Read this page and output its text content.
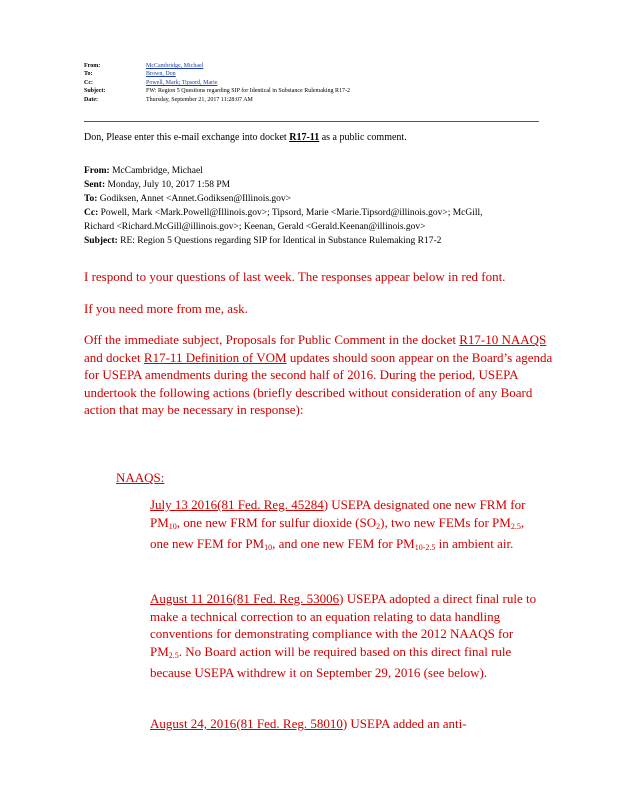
From:	McCambridge, Michael
To:	Brown, Don
Cc:	Powell, Mark; Tipsord, Marie
Subject:	FW: Region 5 Questions regarding SIP for Identical in Substance Rulemaking R17-2
Date:	Thursday, September 21, 2017 11:28:07 AM
Don, Please enter this e-mail exchange into docket R17-11 as a public comment.
From: McCambridge, Michael
Sent: Monday, July 10, 2017 1:58 PM
To: Godiksen, Annet <Annet.Godiksen@Illinois.gov>
Cc: Powell, Mark <Mark.Powell@Illinois.gov>; Tipsord, Marie <Marie.Tipsord@illinois.gov>; McGill,
Richard <Richard.McGill@illinois.gov>; Keenan, Gerald <Gerald.Keenan@illinois.gov>
Subject: RE: Region 5 Questions regarding SIP for Identical in Substance Rulemaking R17-2

I respond to your questions of last week. The responses appear below in red font.

If you need more from me, ask.

Off the immediate subject, Proposals for Public Comment in the docket R17-10 NAAQS and docket R17-11 Definition of VOM updates should soon appear on the Board’s agenda for USEPA amendments during the second half of 2016. During the period, USEPA undertook the following actions (briefly described without consideration of any Board action that may be necessary in response):

NAAQS:

July 13 2016(81 Fed. Reg. 45284) USEPA designated one new FRM for $PM_{10}$, one new FRM for sulfur dioxide $(SO_2)$, two new FEMs for $PM_{2.5}$, one new FEM for $PM_{10}$, and one new FEM for $PM_{10-2.5}$ in ambient air.

August 11 2016(81 Fed. Reg. 53006) USEPA adopted a direct final rule to make a technical correction to an equation relating to data handling conventions for demonstrating compliance with the 2012 NAAQS for $PM_{2.5}$. No Board action will be required based on this direct final rule because USEPA withdrew it on September 29, 2016 (see below).

August 24, 2016(81 Fed. Reg. 58010) USEPA added an anti-
